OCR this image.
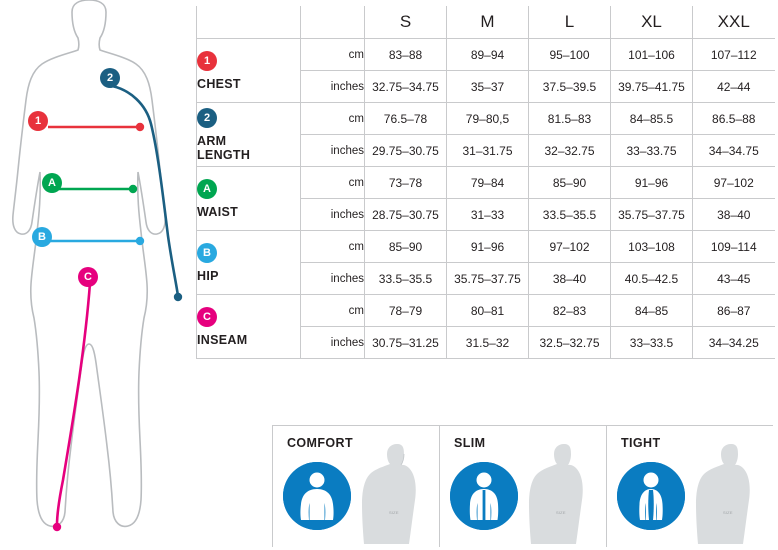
1
2
A
B
C
		S	M	L	XL	XXL
1
CHEST	cm	83–88	89–94	95–100	101–106	107–112
	inches	32.75–34.75	35–37	37.5–39.5	39.75–41.75	42–44
2
ARM
LENGTH	cm	76.5–78	79–80,5	81.5–83	84–85.5	86.5–88
	inches	29.75–30.75	31–31.75	32–32.75	33–33.75	34–34.75
A
WAIST	cm	73–78	79–84	85–90	91–96	97–102
	inches	28.75–30.75	31–33	33.5–35.5	35.75–37.75	38–40
B
HIP	cm	85–90	91–96	97–102	103–108	109–114
	inches	33.5–35.5	35.75–37.75	38–40	40.5–42.5	43–45
C
INSEAM	cm	78–79	80–81	82–83	84–85	86–87
	inches	30.75–31.25	31.5–32	32.5–32.75	33–33.5	34–34.25
COMFORT
SIZE
SLIM
SIZE
TIGHT
SIZE
